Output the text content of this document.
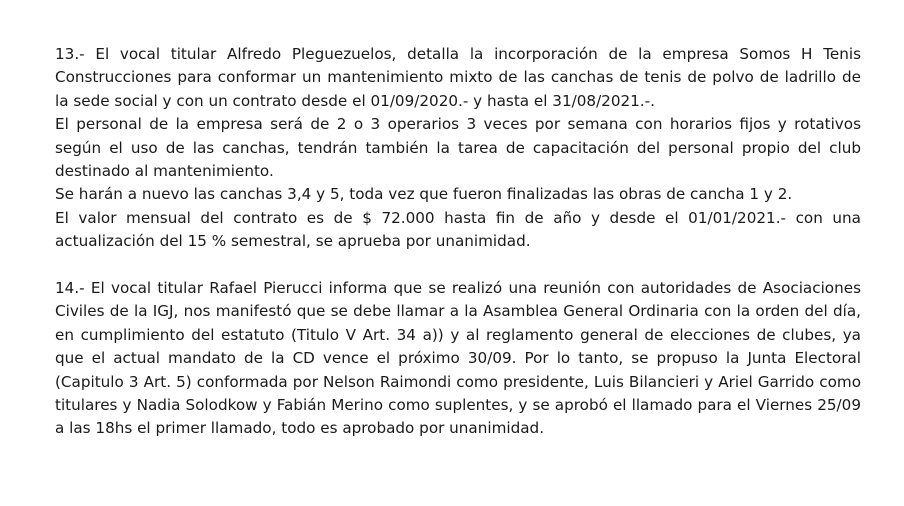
13.- El vocal titular Alfredo Pleguezuelos, detalla la incorporación de la empresa Somos H Tenis Construcciones para conformar un mantenimiento mixto de las canchas de tenis de polvo de ladrillo de la sede social y con un contrato desde el 01/09/2020.- y hasta el 31/08/2021.-.

El personal de la empresa será de 2 o 3 operarios 3 veces por semana con horarios fijos y rotativos según el uso de las canchas, tendrán también la tarea de capacitación del personal propio del club destinado al mantenimiento.

Se harán a nuevo las canchas 3,4 y 5, toda vez que fueron finalizadas las obras de cancha 1 y 2.

El valor mensual del contrato es de $ 72.000 hasta fin de año y desde el 01/01/2021.- con una actualización del 15 % semestral, se aprueba por unanimidad.

14.- El vocal titular Rafael Pierucci informa que se realizó una reunión con autoridades de Asociaciones Civiles de la IGJ, nos manifestó que se debe llamar a la Asamblea General Ordinaria con la orden del día, en cumplimiento del estatuto (Titulo V Art. 34 a)) y al reglamento general de elecciones de clubes, ya que el actual mandato de la CD vence el próximo 30/09. Por lo tanto, se propuso la Junta Electoral (Capitulo 3 Art. 5) conformada por Nelson Raimondi como presidente, Luis Bilancieri y Ariel Garrido como titulares y Nadia Solodkow y Fabián Merino como suplentes, y se aprobó el llamado para el Viernes 25/09 a las 18hs el primer llamado, todo es aprobado por unanimidad.
